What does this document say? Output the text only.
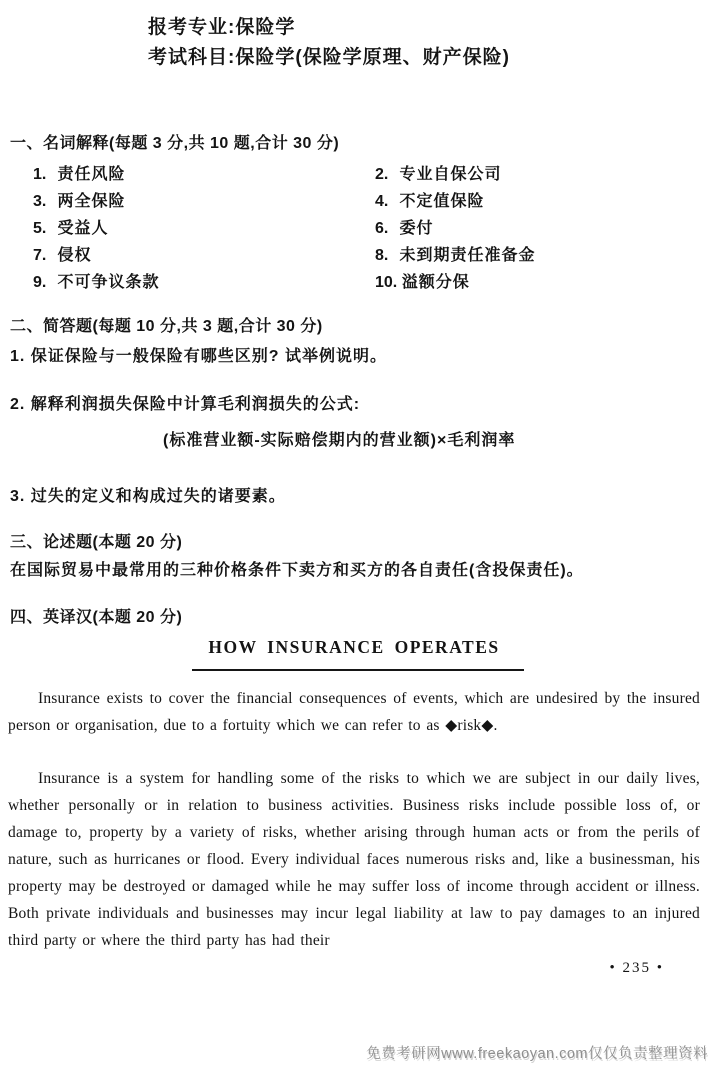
报考专业:保险学
考试科目:保险学(保险学原理、财产保险)
一、名词解释(每题 3 分,共 10 题,合计 30 分)
1. 责任风险	2. 专业自保公司
3. 两全保险	4. 不定值保险
5. 受益人	6. 委付
7. 侵权	8. 未到期责任准备金
9. 不可争议条款	10. 溢额分保
二、简答题(每题 10 分,共 3 题,合计 30 分)
1. 保证保险与一般保险有哪些区别? 试举例说明。
2. 解释利润损失保险中计算毛利润损失的公式:
(标准营业额-实际赔偿期内的营业额)×毛利润率
3. 过失的定义和构成过失的诸要素。
三、论述题(本题 20 分)
在国际贸易中最常用的三种价格条件下卖方和买方的各自责任(含投保责任)。
四、英译汉(本题 20 分)
HOW INSURANCE OPERATES

Insurance exists to cover the financial consequences of events, which are undesired by the insured person or organisation, due to a fortuity which we can refer to as ◆risk◆.

Insurance is a system for handling some of the risks to which we are subject in our daily lives, whether personally or in relation to business activities. Business risks include possible loss of, or damage to, property by a variety of risks, whether arising through human acts or from the perils of nature, such as hurricanes or flood. Every individual faces numerous risks and, like a businessman, his property may be destroyed or damaged while he may suffer loss of income through accident or illness. Both private individuals and businesses may incur legal liability at law to pay damages to an injured third party or where the third party has had their

• 235 •
免费考研网www.freekaoyan.com仅仅负责整理资料
